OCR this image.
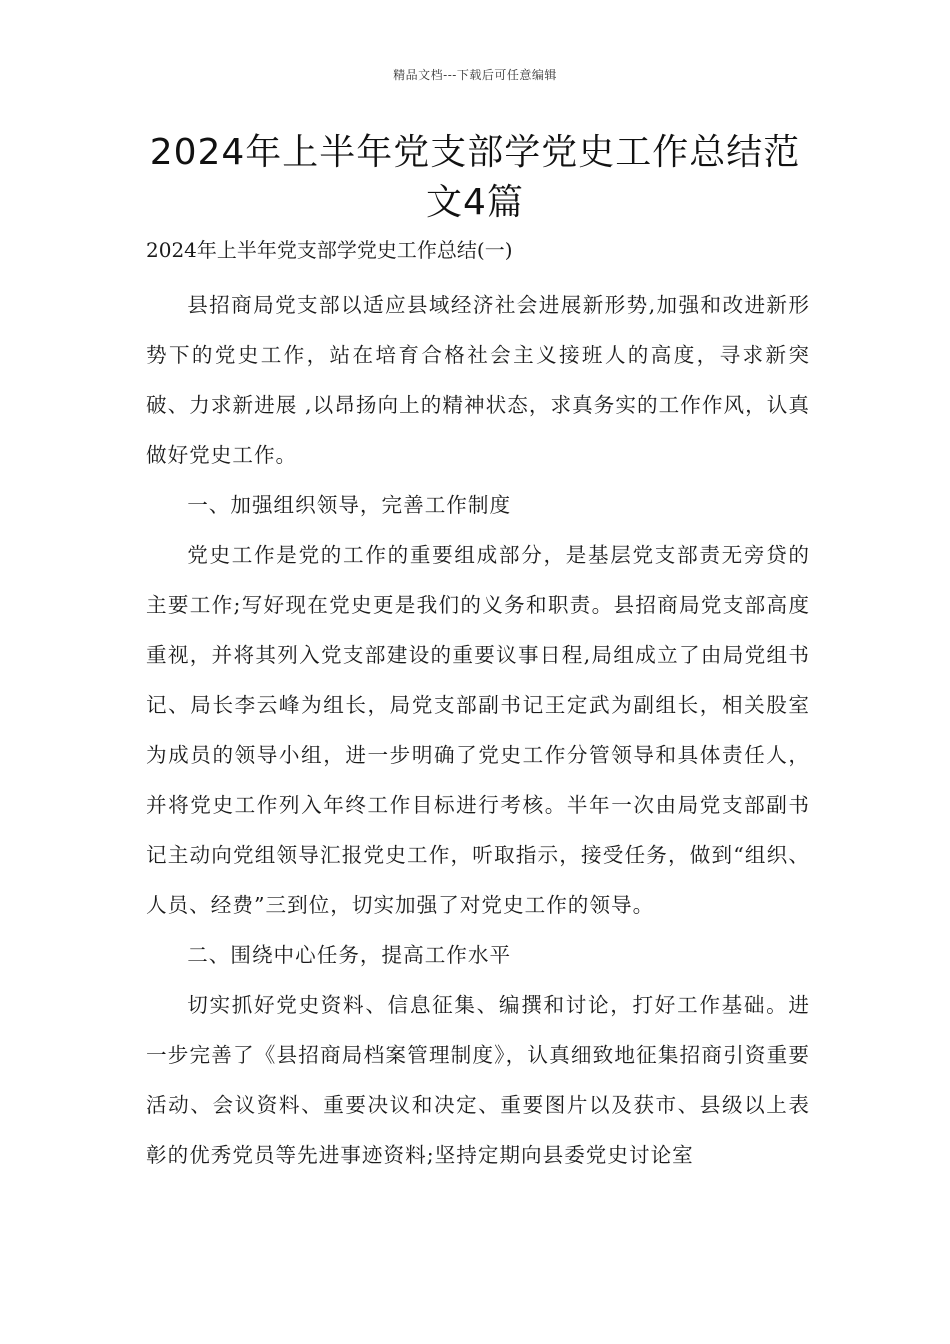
精品文档---下载后可任意编辑
2024年上半年党支部学党史工作总结范文4篇
2024年上半年党支部学党史工作总结(一)

县招商局党支部以适应县域经济社会进展新形势,加强和改进新形势下的党史工作，站在培育合格社会主义接班人的高度，寻求新突破、力求新进展 ,以昂扬向上的精神状态，求真务实的工作作风，认真做好党史工作。

一、加强组织领导，完善工作制度

党史工作是党的工作的重要组成部分，是基层党支部责无旁贷的主要工作;写好现在党史更是我们的义务和职责。县招商局党支部高度重视，并将其列入党支部建设的重要议事日程,局组成立了由局党组书记、局长李云峰为组长，局党支部副书记王定武为副组长，相关股室为成员的领导小组，进一步明确了党史工作分管领导和具体责任人，并将党史工作列入年终工作目标进行考核。半年一次由局党支部副书记主动向党组领导汇报党史工作，听取指示，接受任务，做到“组织、人员、经费”三到位，切实加强了对党史工作的领导。

二、围绕中心任务，提高工作水平

切实抓好党史资料、信息征集、编撰和讨论，打好工作基础。进一步完善了《县招商局档案管理制度》，认真细致地征集招商引资重要活动、会议资料、重要决议和决定、重要图片以及获市、县级以上表彰的优秀党员等先进事迹资料;坚持定期向县委党史讨论室
